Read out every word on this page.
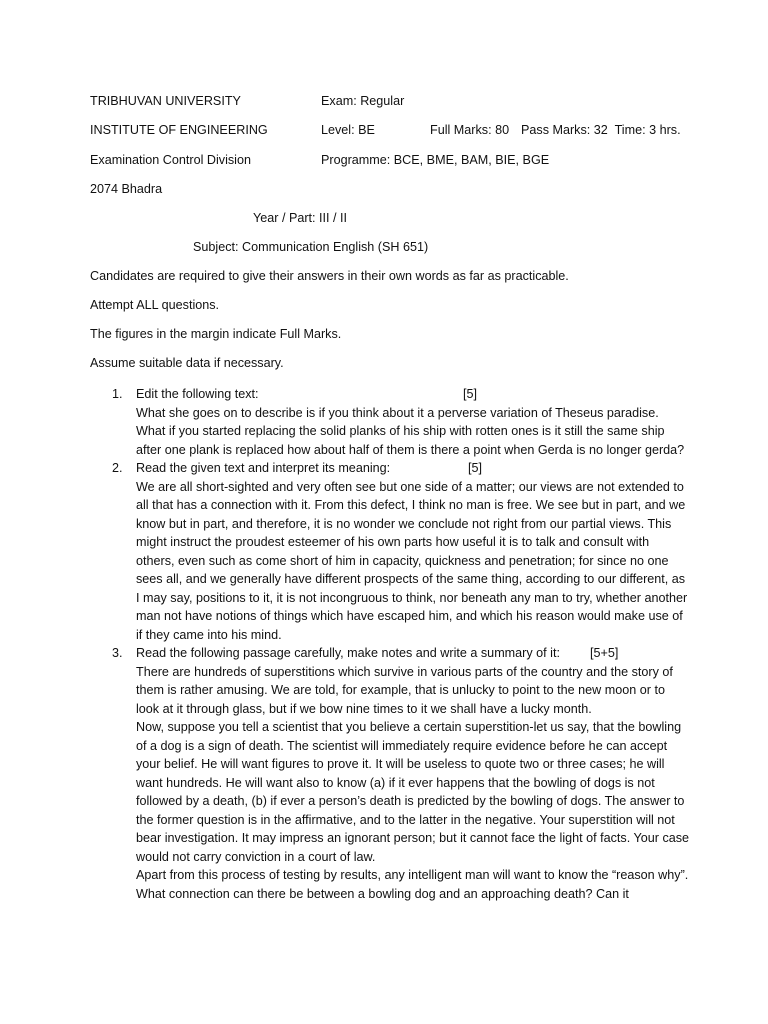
TRIBHUVAN UNIVERSITY	Exam: Regular
INSTITUTE OF ENGINEERING	Level: BE	Full Marks: 80 Pass Marks: 32 Time: 3 hrs.
Examination Control Division	Programme: BCE, BME, BAM, BIE, BGE
2074 Bhadra
Year / Part: III / II
Subject: Communication English (SH 651)
Candidates are required to give their answers in their own words as far as practicable.
Attempt ALL questions.
The figures in the margin indicate Full Marks.
Assume suitable data if necessary.
1. Edit the following text:	[5]

What she goes on to describe is if you think about it a perverse variation of Theseus paradise. What if you started replacing the solid planks of his ship with rotten ones is it still the same ship after one plank is replaced how about half of them is there a point when Gerda is no longer gerda?

2. Read the given text and interpret its meaning:	[5]

We are all short-sighted and very often see but one side of a matter; our views are not extended to all that has a connection with it. From this defect, I think no man is free. We see but in part, and we know but in part, and therefore, it is no wonder we conclude not right from our partial views. This might instruct the proudest esteemer of his own parts how useful it is to talk and consult with others, even such as come short of him in capacity, quickness and penetration; for since no one sees all, and we generally have different prospects of the same thing, according to our different, as I may say, positions to it, it is not incongruous to think, nor beneath any man to try, whether another man not have notions of things which have escaped him, and which his reason would make use of if they came into his mind.

3. Read the following passage carefully, make notes and write a summary of it:	[5+5]

There are hundreds of superstitions which survive in various parts of the country and the story of them is rather amusing. We are told, for example, that is unlucky to point to the new moon or to look at it through glass, but if we bow nine times to it we shall have a lucky month.

Now, suppose you tell a scientist that you believe a certain superstition-let us say, that the bowling of a dog is a sign of death. The scientist will immediately require evidence before he can accept your belief. He will want figures to prove it. It will be useless to quote two or three cases; he will want hundreds. He will want also to know (a) if it ever happens that the bowling of dogs is not followed by a death, (b) if ever a person’s death is predicted by the bowling of dogs. The answer to the former question is in the affirmative, and to the latter in the negative. Your superstition will not bear investigation. It may impress an ignorant person; but it cannot face the light of facts. Your case would not carry conviction in a court of law.

Apart from this process of testing by results, any intelligent man will want to know the “reason why”. What connection can there be between a bowling dog and an approaching death? Can it
